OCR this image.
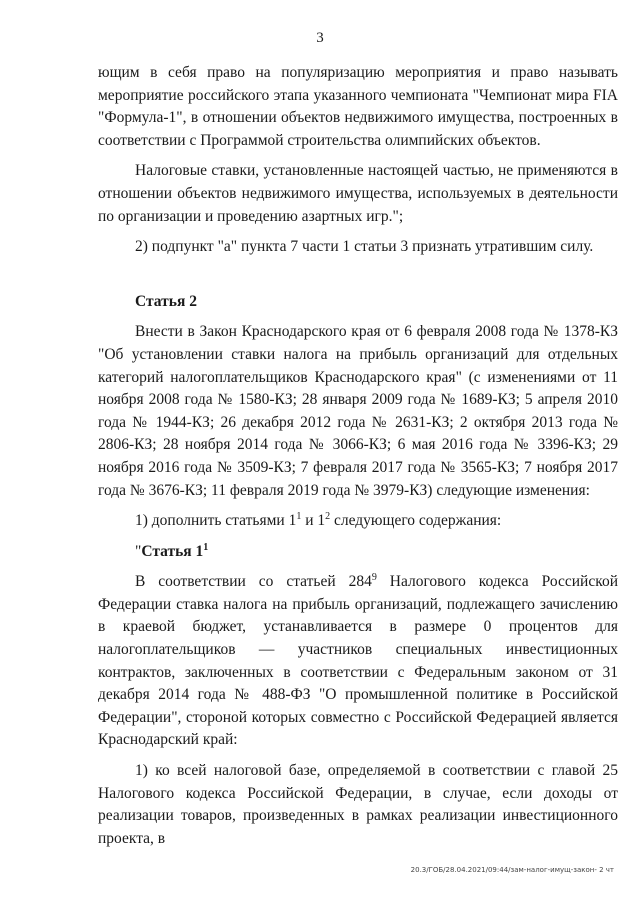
3

ющим в себя право на популяризацию мероприятия и право называть мероприятие российского этапа указанного чемпионата "Чемпионат мира FIA "Формула-1", в отношении объектов недвижимого имущества, построенных в соответствии с Программой строительства олимпийских объектов.

Налоговые ставки, установленные настоящей частью, не применяются в отношении объектов недвижимого имущества, используемых в деятельности по организации и проведению азартных игр.";

2) подпункт "а" пункта 7 части 1 статьи 3 признать утратившим силу.

Статья 2

Внести в Закон Краснодарского края от 6 февраля 2008 года № 1378-КЗ "Об установлении ставки налога на прибыль организаций для отдельных категорий налогоплательщиков Краснодарского края" (с изменениями от 11 ноября 2008 года № 1580-КЗ; 28 января 2009 года № 1689-КЗ; 5 апреля 2010 года № 1944-КЗ; 26 декабря 2012 года № 2631-КЗ; 2 октября 2013 года № 2806-КЗ; 28 ноября 2014 года № 3066-КЗ; 6 мая 2016 года № 3396-КЗ; 29 ноября 2016 года № 3509-КЗ; 7 февраля 2017 года № 3565-КЗ; 7 ноября 2017 года № 3676-КЗ; 11 февраля 2019 года № 3979-КЗ) следующие изменения:

1) дополнить статьями $1^1$ и $1^2$ следующего содержания:

"Статья $1^1$

В соответствии со статьей $284^9$ Налогового кодекса Российской Федерации ставка налога на прибыль организаций, подлежащего зачислению в краевой бюджет, устанавливается в размере 0 процентов для налогоплательщиков — участников специальных инвестиционных контрактов, заключенных в соответствии с Федеральным законом от 31 декабря 2014 года № 488-ФЗ "О промышленной политике в Российской Федерации", стороной которых совместно с Российской Федерацией является Краснодарский край:

1) ко всей налоговой базе, определяемой в соответствии с главой 25 Налогового кодекса Российской Федерации, в случае, если доходы от реализации товаров, произведенных в рамках реализации инвестиционного проекта, в

20.3/ГОБ/28.04.2021/09:44/зам-налог-имущ-закон- 2 чт
